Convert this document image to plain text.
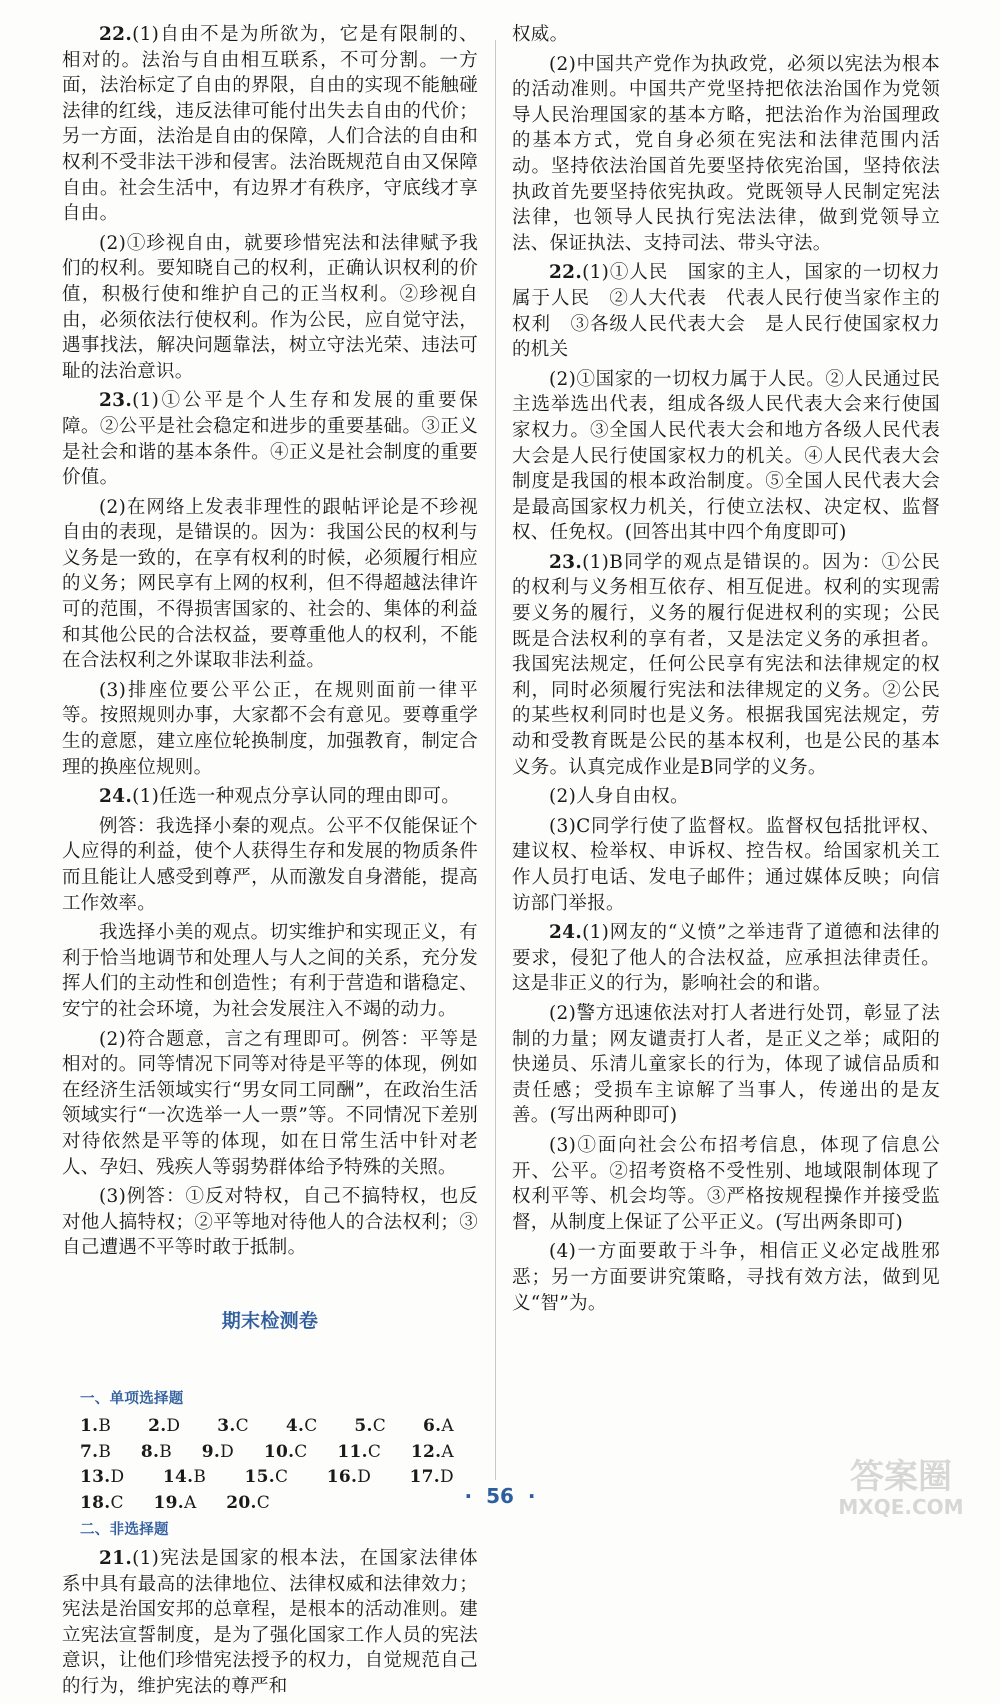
22.(1)自由不是为所欲为，它是有限制的、相对的。法治与自由相互联系，不可分割。一方面，法治标定了自由的界限，自由的实现不能触碰法律的红线，违反法律可能付出失去自由的代价；另一方面，法治是自由的保障，人们合法的自由和权利不受非法干涉和侵害。法治既规范自由又保障自由。社会生活中，有边界才有秩序，守底线才享自由。

(2)①珍视自由，就要珍惜宪法和法律赋予我们的权利。要知晓自己的权利，正确认识权利的价值，积极行使和维护自己的正当权利。②珍视自由，必须依法行使权利。作为公民，应自觉守法，遇事找法，解决问题靠法，树立守法光荣、违法可耻的法治意识。

23.(1)①公平是个人生存和发展的重要保障。②公平是社会稳定和进步的重要基础。③正义是社会和谐的基本条件。④正义是社会制度的重要价值。

(2)在网络上发表非理性的跟帖评论是不珍视自由的表现，是错误的。因为：我国公民的权利与义务是一致的，在享有权利的时候，必须履行相应的义务；网民享有上网的权利，但不得超越法律许可的范围，不得损害国家的、社会的、集体的利益和其他公民的合法权益，要尊重他人的权利，不能在合法权利之外谋取非法利益。

(3)排座位要公平公正，在规则面前一律平等。按照规则办事，大家都不会有意见。要尊重学生的意愿，建立座位轮换制度，加强教育，制定合理的换座位规则。

24.(1)任选一种观点分享认同的理由即可。

例答：我选择小秦的观点。公平不仅能保证个人应得的利益，使个人获得生存和发展的物质条件而且能让人感受到尊严，从而激发自身潜能，提高工作效率。

我选择小美的观点。切实维护和实现正义，有利于恰当地调节和处理人与人之间的关系，充分发挥人们的主动性和创造性；有利于营造和谐稳定、安宁的社会环境，为社会发展注入不竭的动力。

(2)符合题意，言之有理即可。例答：平等是相对的。同等情况下同等对待是平等的体现，例如在经济生活领域实行“男女同工同酬”，在政治生活领域实行“一次选举一人一票”等。不同情况下差别对待依然是平等的体现，如在日常生活中针对老人、孕妇、残疾人等弱势群体给予特殊的关照。

(3)例答：①反对特权，自己不搞特权，也反对他人搞特权；②平等地对待他人的合法权利；③自己遭遇不平等时敢于抵制。

期末检测卷
一、单项选择题
1.B 2.D 3.C 4.C 5.C 6.A 7.B 8.B 9.D 10.C 11.C 12.A 13.D 14.B 15.C 16.D 17.D 18.C 19.A 20.C
二、非选择题

21.(1)宪法是国家的根本法，在国家法律体系中具有最高的法律地位、法律权威和法律效力；宪法是治国安邦的总章程，是根本的活动准则。建立宪法宣誓制度，是为了强化国家工作人员的宪法意识，让他们珍惜宪法授予的权力，自觉规范自己的行为，维护宪法的尊严和

权威。

(2)中国共产党作为执政党，必须以宪法为根本的活动准则。中国共产党坚持把依法治国作为党领导人民治理国家的基本方略，把法治作为治国理政的基本方式，党自身必须在宪法和法律范围内活动。坚持依法治国首先要坚持依宪治国，坚持依法执政首先要坚持依宪执政。党既领导人民制定宪法法律，也领导人民执行宪法法律，做到党领导立法、保证执法、支持司法、带头守法。

22.(1)①人民　国家的主人，国家的一切权力属于人民　②人大代表　代表人民行使当家作主的权利　③各级人民代表大会　是人民行使国家权力的机关

(2)①国家的一切权力属于人民。②人民通过民主选举选出代表，组成各级人民代表大会来行使国家权力。③全国人民代表大会和地方各级人民代表大会是人民行使国家权力的机关。④人民代表大会制度是我国的根本政治制度。⑤全国人民代表大会是最高国家权力机关，行使立法权、决定权、监督权、任免权。(回答出其中四个角度即可)

23.(1)B同学的观点是错误的。因为：①公民的权利与义务相互依存、相互促进。权利的实现需要义务的履行，义务的履行促进权利的实现；公民既是合法权利的享有者，又是法定义务的承担者。我国宪法规定，任何公民享有宪法和法律规定的权利，同时必须履行宪法和法律规定的义务。②公民的某些权利同时也是义务。根据我国宪法规定，劳动和受教育既是公民的基本权利，也是公民的基本义务。认真完成作业是B同学的义务。

(2)人身自由权。

(3)C同学行使了监督权。监督权包括批评权、建议权、检举权、申诉权、控告权。给国家机关工作人员打电话、发电子邮件；通过媒体反映；向信访部门举报。

24.(1)网友的“义愤”之举违背了道德和法律的要求，侵犯了他人的合法权益，应承担法律责任。这是非正义的行为，影响社会的和谐。

(2)警方迅速依法对打人者进行处罚，彰显了法制的力量；网友谴责打人者，是正义之举；咸阳的快递员、乐清儿童家长的行为，体现了诚信品质和责任感；受损车主谅解了当事人，传递出的是友善。(写出两种即可)

(3)①面向社会公布招考信息，体现了信息公开、公平。②招考资格不受性别、地域限制体现了权利平等、机会均等。③严格按规程操作并接受监督，从制度上保证了公平正义。(写出两条即可)

(4)一方面要敢于斗争，相信正义必定战胜邪恶；另一方面要讲究策略，寻找有效方法，做到见义“智”为。

·  56  ·	答案圈
MXQE.COM
